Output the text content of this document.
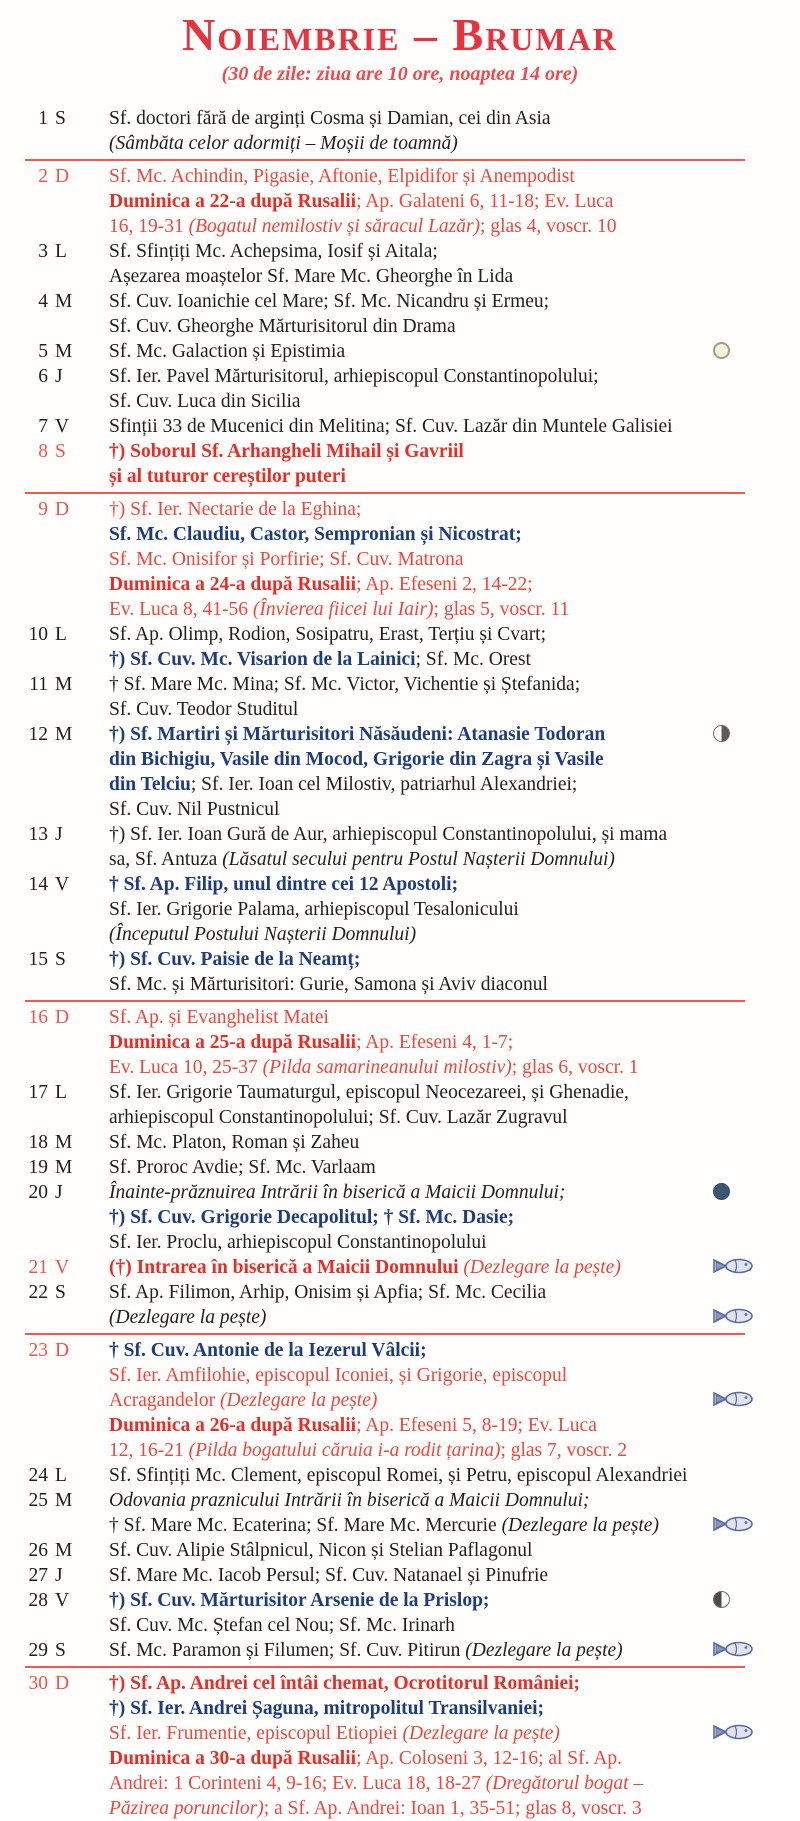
Noiembrie – Brumar
(30 de zile: ziua are 10 ore, noaptea 14 ore)
1 S Sf. doctori fără de arginți Cosma și Damian, cei din Asia
(Sâmbăta celor adormiți – Moșii de toamnă)
2 D Sf. Mc. Achindin, Pigasie, Aftonie, Elpidifor și Anempodist
Duminica a 22-a după Rusalii; Ap. Galateni 6, 11-18; Ev. Luca
16, 19-31 (Bogatul nemilostiv și săracul Lazăr); glas 4, voscr. 10
3 L Sf. Sfințiți Mc. Achepsima, Iosif și Aitala;
Așezarea moaștelor Sf. Mare Mc. Gheorghe în Lida
4 M Sf. Cuv. Ioanichie cel Mare; Sf. Mc. Nicandru și Ermeu;
Sf. Cuv. Gheorghe Mărturisitorul din Drama
5 M Sf. Mc. Galaction și Epistimia
6 J Sf. Ier. Pavel Mărturisitorul, arhiepiscopul Constantinopolului;
Sf. Cuv. Luca din Sicilia
7 V Sfinții 33 de Mucenici din Melitina; Sf. Cuv. Lazăr din Muntele Galisiei
8 S †) Soborul Sf. Arhangheli Mihail și Gavriil
și al tuturor cereștilor puteri
9 D †) Sf. Ier. Nectarie de la Eghina;
Sf. Mc. Claudiu, Castor, Sempronian și Nicostrat;
Sf. Mc. Onisifor și Porfirie; Sf. Cuv. Matrona
Duminica a 24-a după Rusalii; Ap. Efeseni 2, 14-22;
Ev. Luca 8, 41-56 (Învierea fiicei lui Iair); glas 5, voscr. 11
10 L Sf. Ap. Olimp, Rodion, Sosipatru, Erast, Terțiu și Cvart;
†) Sf. Cuv. Mc. Visarion de la Lainici; Sf. Mc. Orest
11 M † Sf. Mare Mc. Mina; Sf. Mc. Victor, Vichentie și Ștefanida;
Sf. Cuv. Teodor Studitul
12 M †) Sf. Martiri și Mărturisitori Năsăudeni: Atanasie Todoran
din Bichigiu, Vasile din Mocod, Grigorie din Zagra și Vasile
din Telciu; Sf. Ier. Ioan cel Milostiv, patriarhul Alexandriei;
Sf. Cuv. Nil Pustnicul
13 J †) Sf. Ier. Ioan Gură de Aur, arhiepiscopul Constantinopolului, și mama
sa, Sf. Antuza (Lăsatul secului pentru Postul Nașterii Domnului)
14 V † Sf. Ap. Filip, unul dintre cei 12 Apostoli;
Sf. Ier. Grigorie Palama, arhiepiscopul Tesalonicului
(Începutul Postului Nașterii Domnului)
15 S †) Sf. Cuv. Paisie de la Neamț;
Sf. Mc. și Mărturisitori: Gurie, Samona și Aviv diaconul
16 D Sf. Ap. și Evanghelist Matei
Duminica a 25-a după Rusalii; Ap. Efeseni 4, 1-7;
Ev. Luca 10, 25-37 (Pilda samarineanului milostiv); glas 6, voscr. 1
17 L Sf. Ier. Grigorie Taumaturgul, episcopul Neocezareei, și Ghenadie,
arhiepiscopul Constantinopolului; Sf. Cuv. Lazăr Zugravul
18 M Sf. Mc. Platon, Roman și Zaheu
19 M Sf. Proroc Avdie; Sf. Mc. Varlaam
20 J Înainte-prăznuirea Intrării în biserică a Maicii Domnului;
†) Sf. Cuv. Grigorie Decapolitul; † Sf. Mc. Dasie;
Sf. Ier. Proclu, arhiepiscopul Constantinopolului
21 V (†) Intrarea în biserică a Maicii Domnului (Dezlegare la pește)
22 S Sf. Ap. Filimon, Arhip, Onisim și Apfia; Sf. Mc. Cecilia
(Dezlegare la pește)
23 D † Sf. Cuv. Antonie de la Iezerul Vâlcii;
Sf. Ier. Amfilohie, episcopul Iconiei, și Grigorie, episcopul
Acragandelor (Dezlegare la pește)
Duminica a 26-a după Rusalii; Ap. Efeseni 5, 8-19; Ev. Luca
12, 16-21 (Pilda bogatului căruia i-a rodit țarina); glas 7, voscr. 2
24 L Sf. Sfințiți Mc. Clement, episcopul Romei, și Petru, episcopul Alexandriei
25 M Odovania praznicului Intrării în biserică a Maicii Domnului;
† Sf. Mare Mc. Ecaterina; Sf. Mare Mc. Mercurie (Dezlegare la pește)
26 M Sf. Cuv. Alipie Stâlpnicul, Nicon și Stelian Paflagonul
27 J Sf. Mare Mc. Iacob Persul; Sf. Cuv. Natanael și Pinufrie
28 V †) Sf. Cuv. Mărturisitor Arsenie de la Prislop;
Sf. Cuv. Mc. Ștefan cel Nou; Sf. Mc. Irinarh
29 S Sf. Mc. Paramon și Filumen; Sf. Cuv. Pitirun (Dezlegare la pește)
30 D †) Sf. Ap. Andrei cel întâi chemat, Ocrotitorul României;
†) Sf. Ier. Andrei Șaguna, mitropolitul Transilvaniei;
Sf. Ier. Frumentie, episcopul Etiopiei (Dezlegare la pește)
Duminica a 30-a după Rusalii; Ap. Coloseni 3, 12-16; al Sf. Ap.
Andrei: 1 Corinteni 4, 9-16; Ev. Luca 18, 18-27 (Dregătorul bogat –
Păzirea poruncilor); a Sf. Ap. Andrei: Ioan 1, 35-51; glas 8, voscr. 3
